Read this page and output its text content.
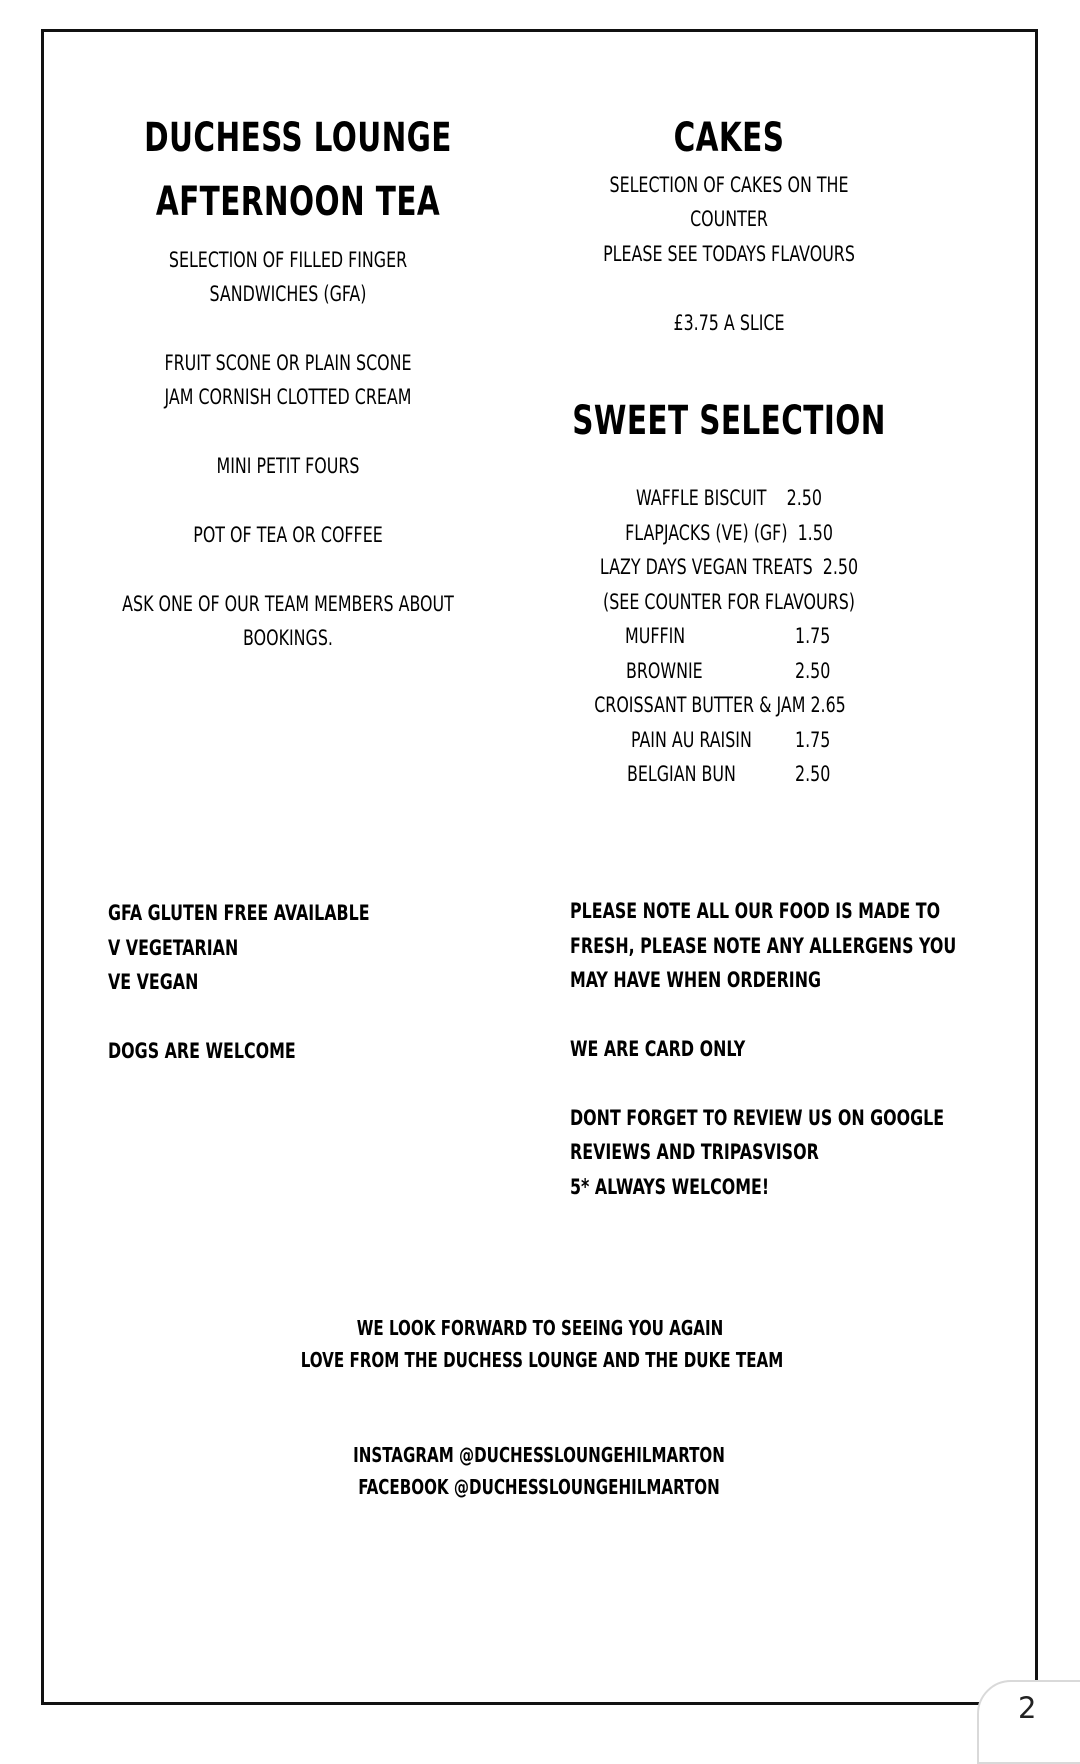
DUCHESS LOUNGE
AFTERNOON TEA
SELECTION OF FILLED FINGER
SANDWICHES (GFA)
FRUIT SCONE OR PLAIN SCONE
JAM CORNISH CLOTTED CREAM
MINI PETIT FOURS
POT OF TEA OR COFFEE
ASK ONE OF OUR TEAM MEMBERS ABOUT
BOOKINGS.
CAKES
SELECTION OF CAKES ON THE
COUNTER
PLEASE SEE TODAYS FLAVOURS
£3.75 A SLICE
SWEET SELECTION
WAFFLE BISCUIT 2.50
FLAPJACKS (VE) (GF) 1.50
LAZY DAYS VEGAN TREATS 2.50
(SEE COUNTER FOR FLAVOURS)
MUFFIN	1.75
BROWNIE	2.50
CROISSANT BUTTER & JAM 2.65
PAIN AU RAISIN 1.75
BELGIAN BUN	2.50
GFA GLUTEN FREE AVAILABLE
V VEGETARIAN
VE VEGAN
DOGS ARE WELCOME
PLEASE NOTE ALL OUR FOOD IS MADE TO
FRESH, PLEASE NOTE ANY ALLERGENS YOU
MAY HAVE WHEN ORDERING
WE ARE CARD ONLY
DONT FORGET TO REVIEW US ON GOOGLE
REVIEWS AND TRIPASVISOR
5* ALWAYS WELCOME!
WE LOOK FORWARD TO SEEING YOU AGAIN
LOVE FROM THE DUCHESS LOUNGE AND THE DUKE TEAM
INSTAGRAM @DUCHESSLOUNGEHILMARTON
FACEBOOK @DUCHESSLOUNGEHILMARTON
2
